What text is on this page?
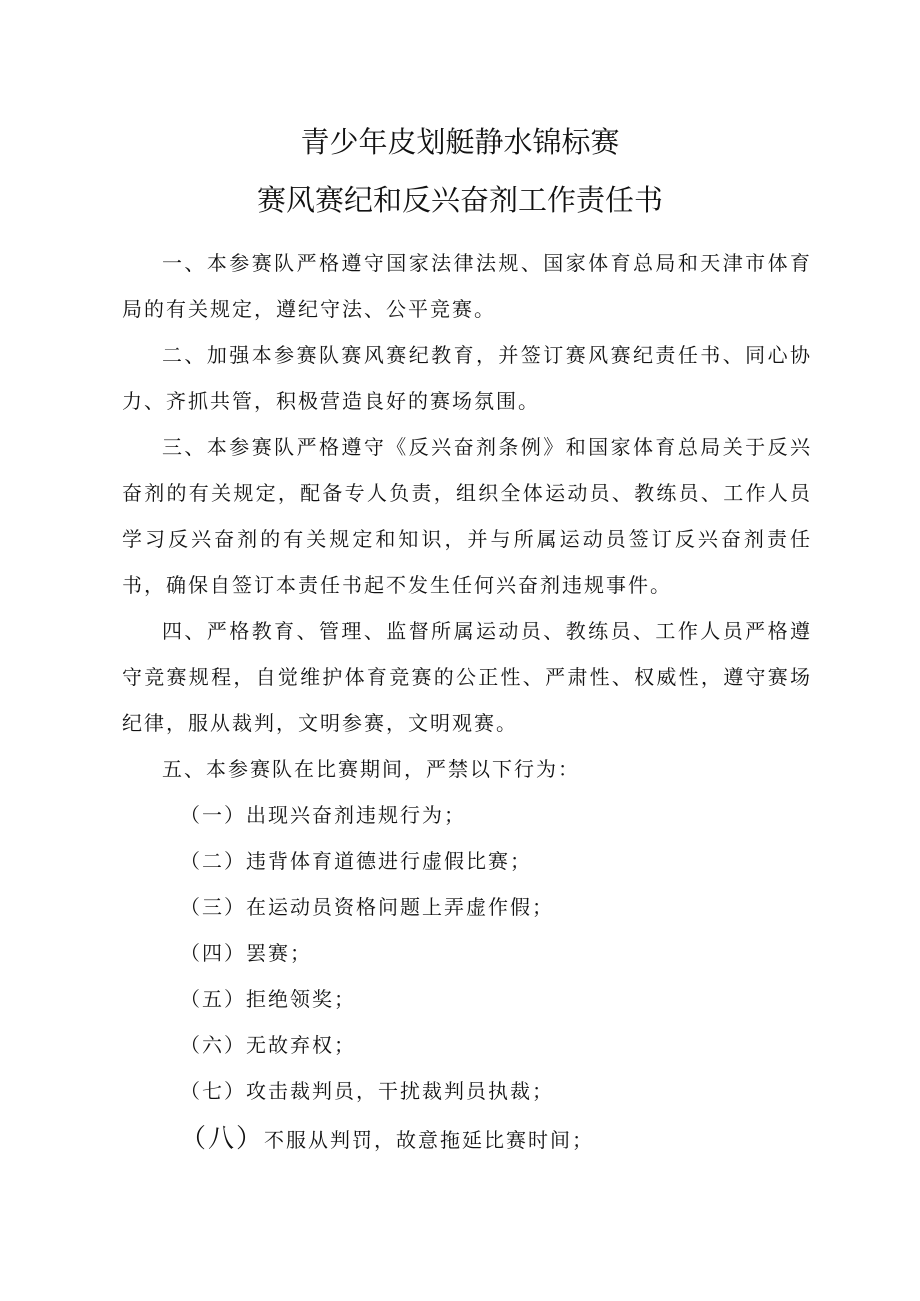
青少年皮划艇静水锦标赛
赛风赛纪和反兴奋剂工作责任书

一、本参赛队严格遵守国家法律法规、国家体育总局和天津市体育局的有关规定，遵纪守法、公平竞赛。

二、加强本参赛队赛风赛纪教育，并签订赛风赛纪责任书、同心协力、齐抓共管，积极营造良好的赛场氛围。

三、本参赛队严格遵守《反兴奋剂条例》和国家体育总局关于反兴奋剂的有关规定，配备专人负责，组织全体运动员、教练员、工作人员学习反兴奋剂的有关规定和知识，并与所属运动员签订反兴奋剂责任书，确保自签订本责任书起不发生任何兴奋剂违规事件。

四、严格教育、管理、监督所属运动员、教练员、工作人员严格遵守竞赛规程，自觉维护体育竞赛的公正性、严肃性、权威性，遵守赛场纪律，服从裁判，文明参赛，文明观赛。

五、本参赛队在比赛期间，严禁以下行为：

（一）出现兴奋剂违规行为；

（二）违背体育道德进行虚假比赛；

（三）在运动员资格问题上弄虚作假；

（四）罢赛；

（五）拒绝领奖；

（六）无故弃权；

（七）攻击裁判员，干扰裁判员执裁；

（八）不服从判罚，故意拖延比赛时间；
